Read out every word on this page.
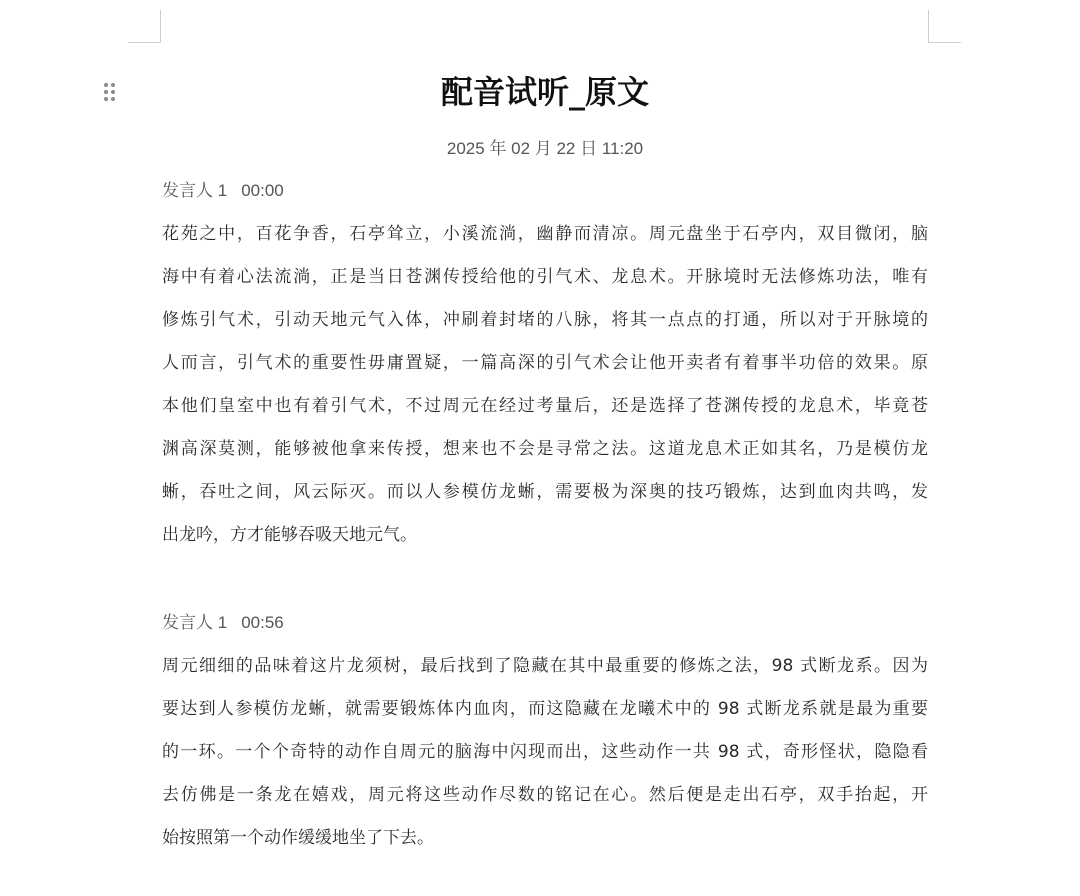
配音试听_原文
2025 年 02 月 22 日 11:20
发言人 1 00:00
花苑之中，百花争香，石亭耸立，小溪流淌，幽静而清凉。周元盘坐于石亭内，双目微闭，脑
海中有着心法流淌，正是当日苍渊传授给他的引气术、龙息术。开脉境时无法修炼功法，唯有
修炼引气术，引动天地元气入体，冲刷着封堵的八脉，将其一点点的打通，所以对于开脉境的
人而言，引气术的重要性毋庸置疑，一篇高深的引气术会让他开卖者有着事半功倍的效果。原
本他们皇室中也有着引气术，不过周元在经过考量后，还是选择了苍渊传授的龙息术，毕竟苍
渊高深莫测，能够被他拿来传授，想来也不会是寻常之法。这道龙息术正如其名，乃是模仿龙
蜥，吞吐之间，风云际灭。而以人参模仿龙蜥，需要极为深奥的技巧锻炼，达到血肉共鸣，发
出龙吟，方才能够吞吸天地元气。
发言人 1 00:56
周元细细的品味着这片龙须树，最后找到了隐藏在其中最重要的修炼之法，98 式断龙系。因为
要达到人参模仿龙蜥，就需要锻炼体内血肉，而这隐藏在龙曦术中的 98 式断龙系就是最为重要
的一环。一个个奇特的动作自周元的脑海中闪现而出，这些动作一共 98 式，奇形怪状，隐隐看
去仿佛是一条龙在嬉戏，周元将这些动作尽数的铭记在心。然后便是走出石亭，双手抬起，开
始按照第一个动作缓缓地坐了下去。
